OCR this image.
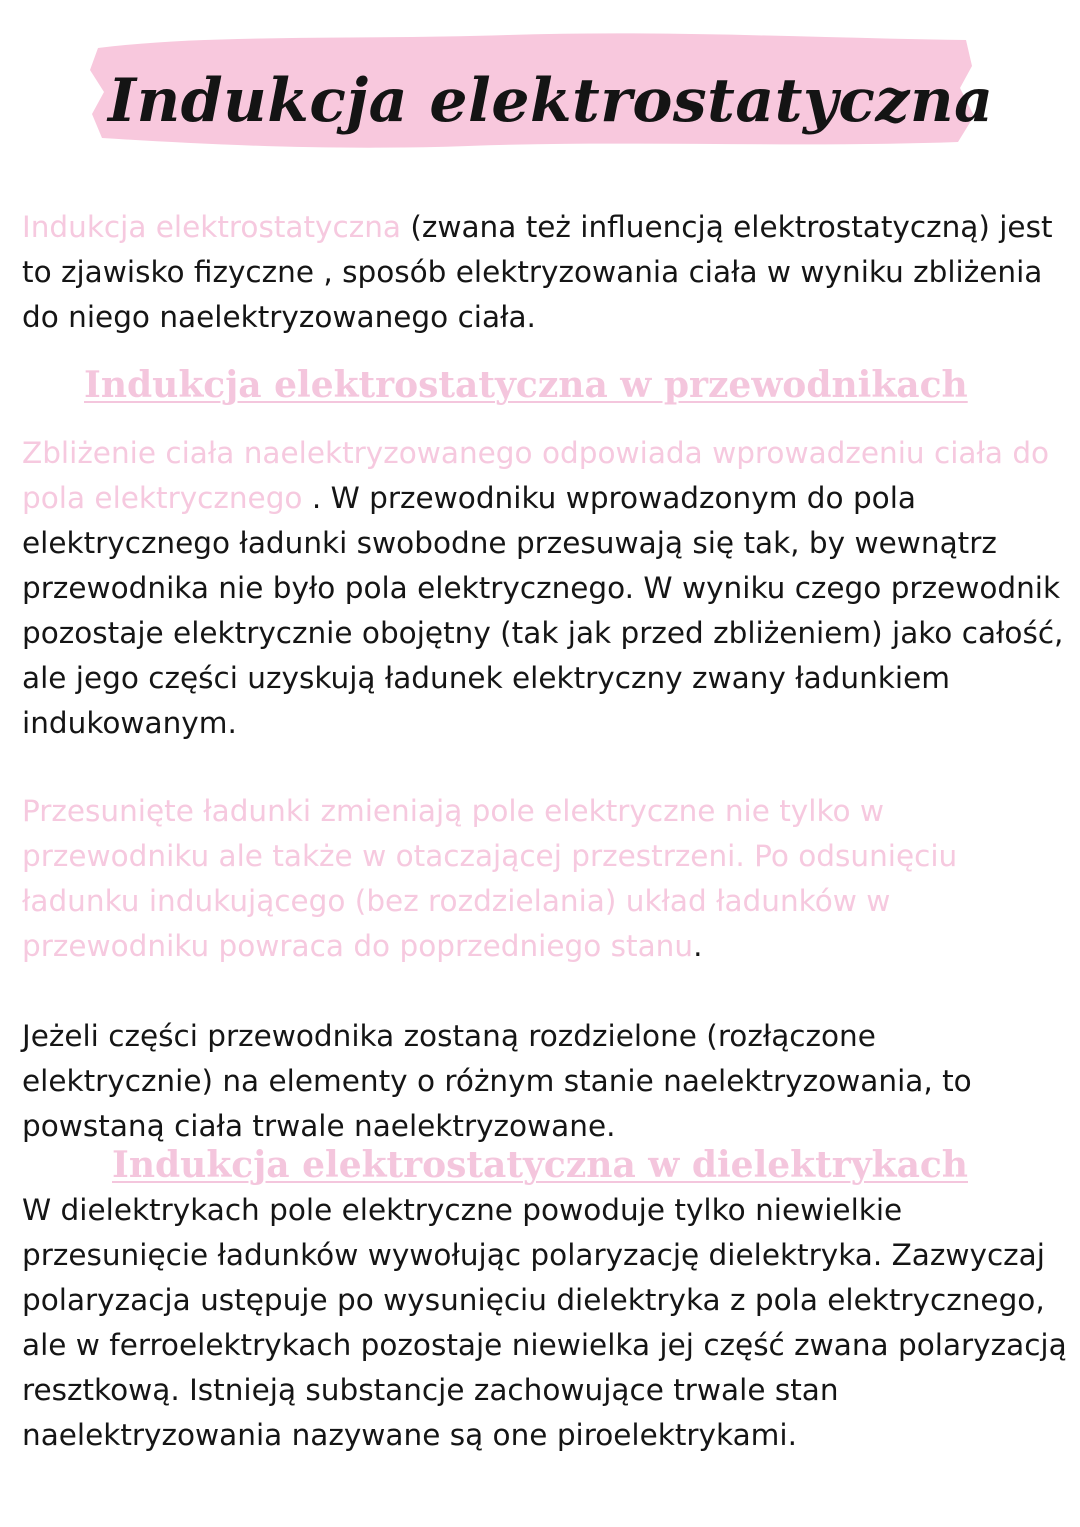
Indukcja elektrostatyczna

Indukcja elektrostatyczna (zwana też influencją elektrostatyczną) jest to zjawisko fizyczne , sposób elektryzowania ciała w wyniku zbliżenia do niego naelektryzowanego ciała.

Indukcja elektrostatyczna w przewodnikach

Zbliżenie ciała naelektryzowanego odpowiada wprowadzeniu ciała do pola elektrycznego . W przewodniku wprowadzonym do pola elektrycznego ładunki swobodne przesuwają się tak, by wewnątrz przewodnika nie było pola elektrycznego. W wyniku czego przewodnik pozostaje elektrycznie obojętny (tak jak przed zbliżeniem) jako całość, ale jego części uzyskują ładunek elektryczny zwany ładunkiem indukowanym.

Przesunięte ładunki zmieniają pole elektryczne nie tylko w przewodniku ale także w otaczającej przestrzeni. Po odsunięciu ładunku indukującego (bez rozdzielania) układ ładunków w przewodniku powraca do poprzedniego stanu.

Jeżeli części przewodnika zostaną rozdzielone (rozłączone elektrycznie) na elementy o różnym stanie naelektryzowania, to powstaną ciała trwale naelektryzowane.

Indukcja elektrostatyczna w dielektrykach

W dielektrykach pole elektryczne powoduje tylko niewielkie przesunięcie ładunków wywołując polaryzację dielektryka. Zazwyczaj polaryzacja ustępuje po wysunięciu dielektryka z pola elektrycznego, ale w ferroelektrykach pozostaje niewielka jej część zwana polaryzacją resztkową. Istnieją substancje zachowujące trwale stan naelektryzowania nazywane są one piroelektrykami.
